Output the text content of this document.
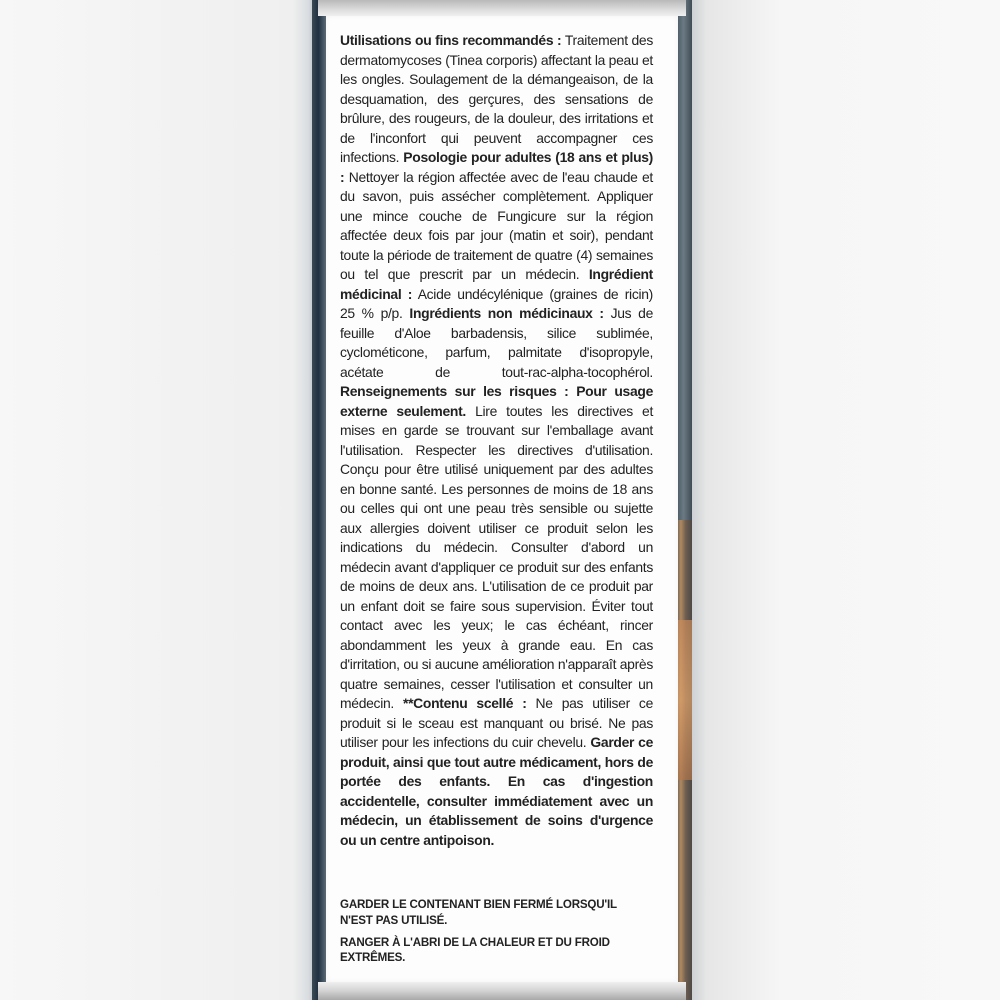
Utilisations ou fins recommandés : Traitement des dermatomycoses (Tinea corporis) affectant la peau et les ongles. Soulagement de la démangeaison, de la desquamation, des gerçures, des sensations de brûlure, des rougeurs, de la douleur, des irritations et de l'inconfort qui peuvent accompagner ces infections. Posologie pour adultes (18 ans et plus) : Nettoyer la région affectée avec de l'eau chaude et du savon, puis assécher complètement. Appliquer une mince couche de Fungicure sur la région affectée deux fois par jour (matin et soir), pendant toute la période de traitement de quatre (4) semaines ou tel que prescrit par un médecin. Ingrédient médicinal : Acide undécylénique (graines de ricin) 25 % p/p. Ingrédients non médicinaux : Jus de feuille d'Aloe barbadensis, silice sublimée, cyclométicone, parfum, palmitate d'isopropyle, acétate de tout-rac-alpha-tocophérol. Renseignements sur les risques : Pour usage externe seulement. Lire toutes les directives et mises en garde se trouvant sur l'emballage avant l'utilisation. Respecter les directives d'utilisation. Conçu pour être utilisé uniquement par des adultes en bonne santé. Les personnes de moins de 18 ans ou celles qui ont une peau très sensible ou sujette aux allergies doivent utiliser ce produit selon les indications du médecin. Consulter d'abord un médecin avant d'appliquer ce produit sur des enfants de moins de deux ans. L'utilisation de ce produit par un enfant doit se faire sous supervision. Éviter tout contact avec les yeux; le cas échéant, rincer abondamment les yeux à grande eau. En cas d'irritation, ou si aucune amélioration n'apparaît après quatre semaines, cesser l'utilisation et consulter un médecin. **Contenu scellé : Ne pas utiliser ce produit si le sceau est manquant ou brisé. Ne pas utiliser pour les infections du cuir chevelu. Garder ce produit, ainsi que tout autre médicament, hors de portée des enfants. En cas d'ingestion accidentelle, consulter immédiatement avec un médecin, un établissement de soins d'urgence ou un centre antipoison.

GARDER LE CONTENANT BIEN FERMÉ LORSQU'IL N'EST PAS UTILISÉ.

RANGER À L'ABRI DE LA CHALEUR ET DU FROID EXTRÊMES.
